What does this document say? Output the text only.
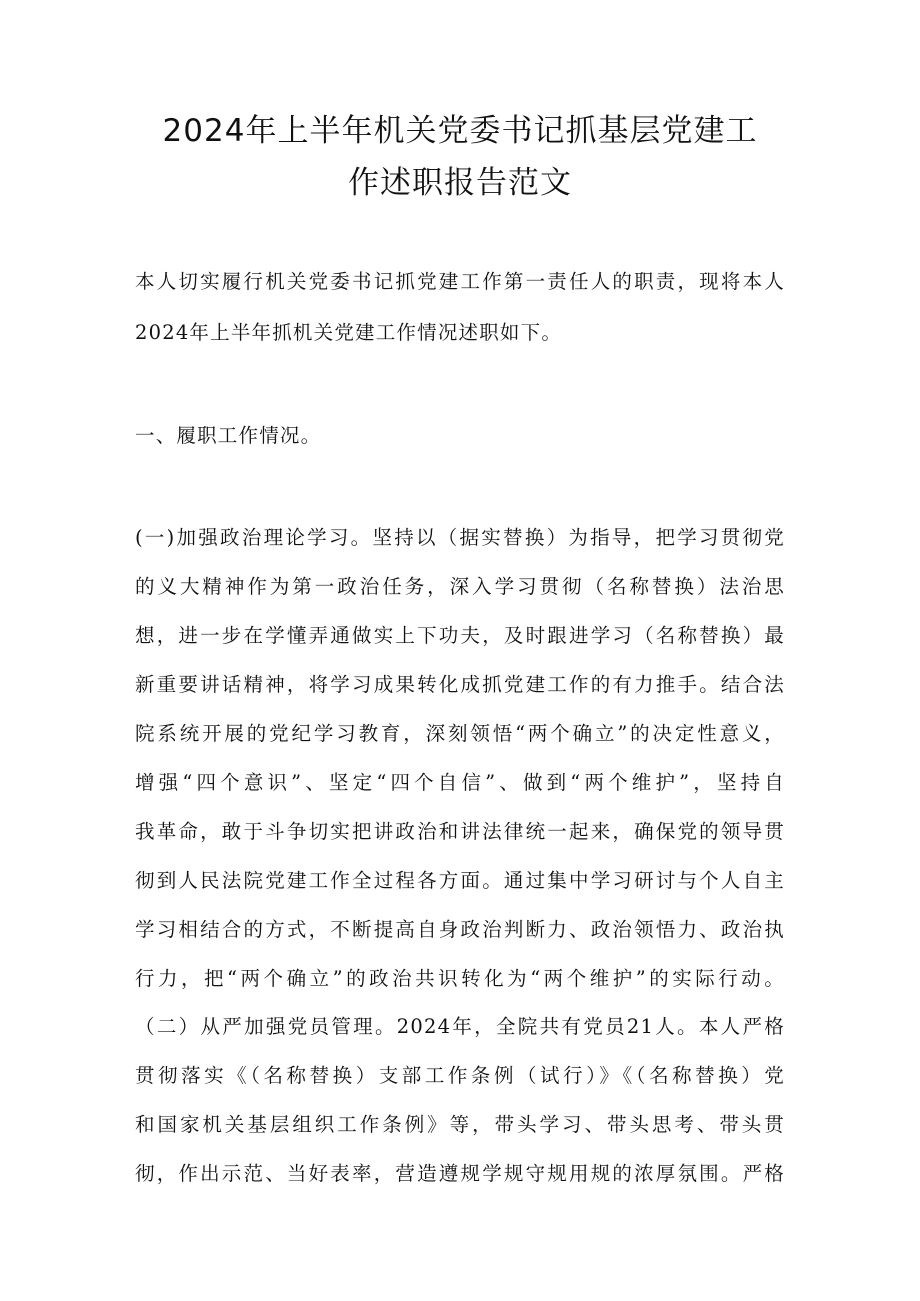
2024年上半年机关党委书记抓基层党建工
作述职报告范文

本人切实履行机关党委书记抓党建工作第一责任人的职责，现将本人

2024年上半年抓机关党建工作情况述职如下。

一、履职工作情况。

(一)加强政治理论学习。坚持以（据实替换）为指导，把学习贯彻党

的义大精神作为第一政治任务，深入学习贯彻（名称替换）法治思

想，进一步在学懂弄通做实上下功夫，及时跟进学习（名称替换）最

新重要讲话精神，将学习成果转化成抓党建工作的有力推手。结合法

院系统开展的党纪学习教育，深刻领悟“两个确立”的决定性意义，

增强“四个意识”、坚定“四个自信”、做到“两个维护”，坚持自

我革命，敢于斗争切实把讲政治和讲法律统一起来，确保党的领导贯

彻到人民法院党建工作全过程各方面。通过集中学习研讨与个人自主

学习相结合的方式，不断提高自身政治判断力、政治领悟力、政治执

行力，把“两个确立”的政治共识转化为“两个维护”的实际行动。

（二）从严加强党员管理。2024年，全院共有党员21人。本人严格

贯彻落实《（名称替换）支部工作条例（试行）》《（名称替换）党

和国家机关基层组织工作条例》等，带头学习、带头思考、带头贯

彻，作出示范、当好表率，营造遵规学规守规用规的浓厚氛围。严格
